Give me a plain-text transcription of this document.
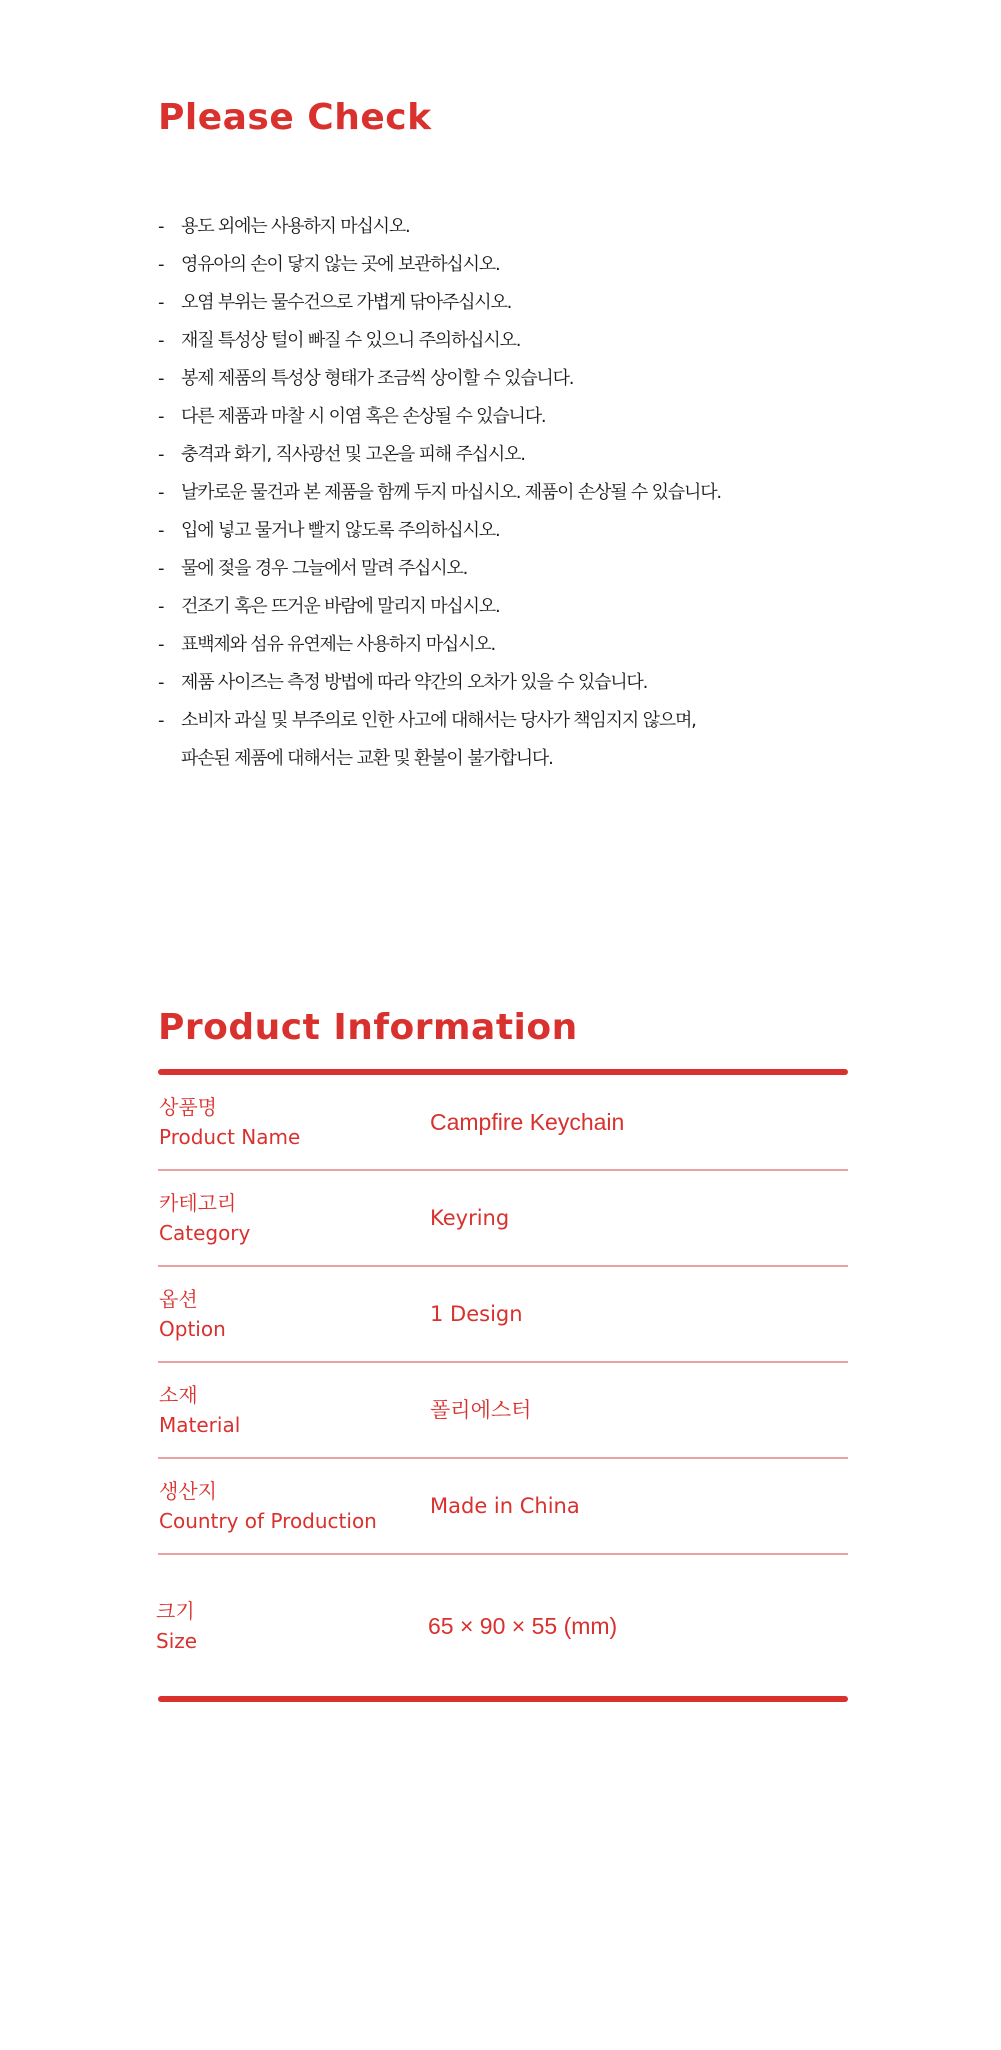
Please Check
- 용도 외에는 사용하지 마십시오.
- 영유아의 손이 닿지 않는 곳에 보관하십시오.
- 오염 부위는 물수건으로 가볍게 닦아주십시오.
- 재질 특성상 털이 빠질 수 있으니 주의하십시오.
- 봉제 제품의 특성상 형태가 조금씩 상이할 수 있습니다.
- 다른 제품과 마찰 시 이염 혹은 손상될 수 있습니다.
- 충격과 화기, 직사광선 및 고온을 피해 주십시오.
- 날카로운 물건과 본 제품을 함께 두지 마십시오. 제품이 손상될 수 있습니다.
- 입에 넣고 물거나 빨지 않도록 주의하십시오.
- 물에 젖을 경우 그늘에서 말려 주십시오.
- 건조기 혹은 뜨거운 바람에 말리지 마십시오.
- 표백제와 섬유 유연제는 사용하지 마십시오.
- 제품 사이즈는 측정 방법에 따라 약간의 오차가 있을 수 있습니다.
- 소비자 과실 및 부주의로 인한 사고에 대해서는 당사가 책임지지 않으며,
파손된 제품에 대해서는 교환 및 환불이 불가합니다.
Product Information
상품명
Product Name
Campfire Keychain
카테고리
Category
Keyring
옵션
Option
1 Design
소재
Material
폴리에스터
생산지
Country of Production
Made in China
크기
Size
65 × 90 × 55 (mm)
